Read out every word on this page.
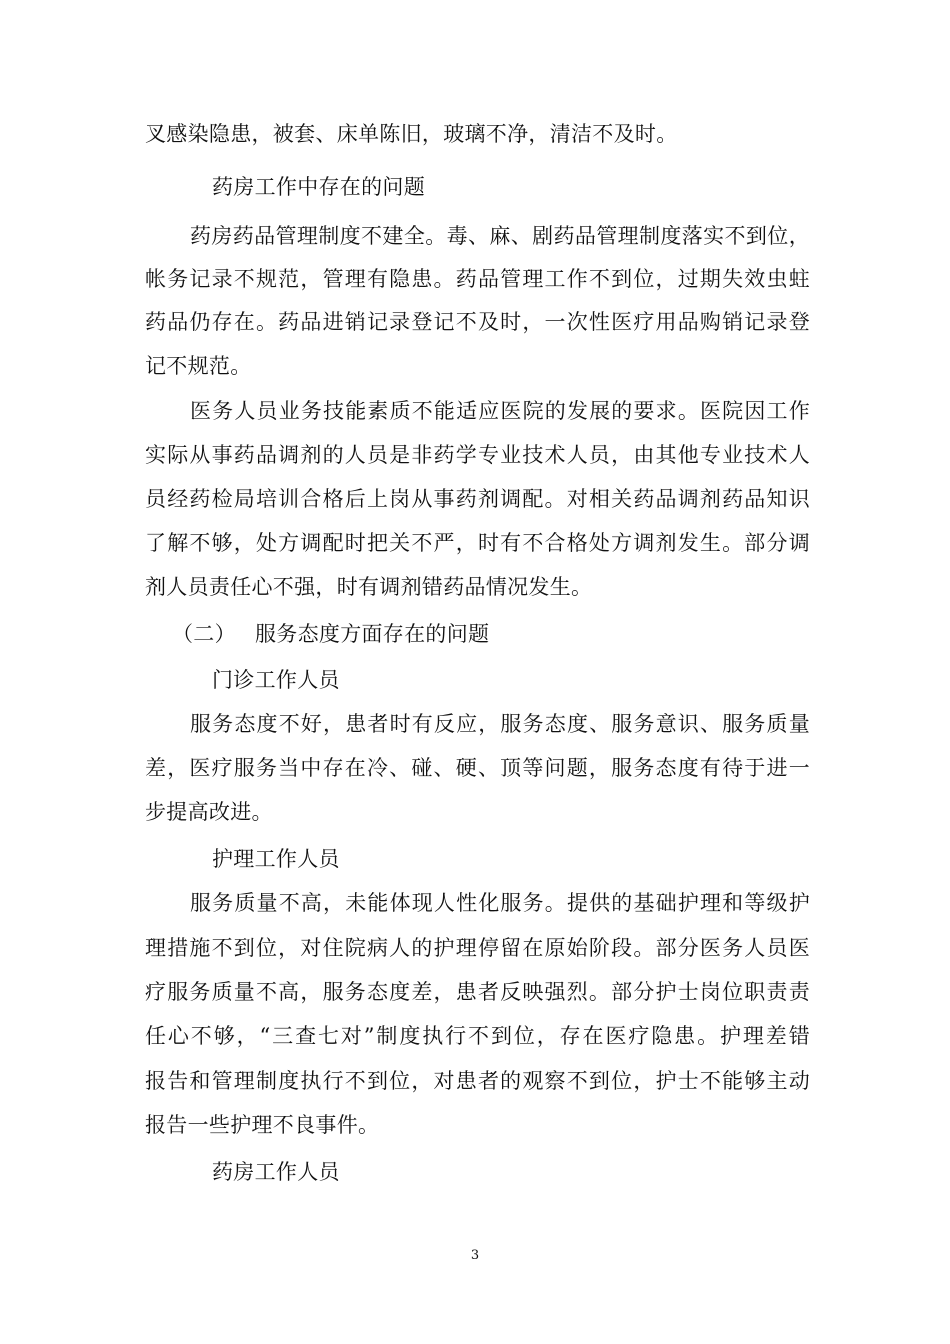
叉感染隐患，被套、床单陈旧，玻璃不净，清洁不及时。
药房工作中存在的问题
药房药品管理制度不建全。毒、麻、剧药品管理制度落实不到位，
帐务记录不规范，管理有隐患。药品管理工作不到位，过期失效虫蛀
药品仍存在。药品进销记录登记不及时，一次性医疗用品购销记录登
记不规范。
医务人员业务技能素质不能适应医院的发展的要求。医院因工作
实际从事药品调剂的人员是非药学专业技术人员，由其他专业技术人
员经药检局培训合格后上岗从事药剂调配。对相关药品调剂药品知识
了解不够，处方调配时把关不严，时有不合格处方调剂发生。部分调
剂人员责任心不强，时有调剂错药品情况发生。
（二） 服务态度方面存在的问题
门诊工作人员
服务态度不好，患者时有反应，服务态度、服务意识、服务质量
差，医疗服务当中存在冷、碰、硬、顶等问题，服务态度有待于进一
步提高改进。
护理工作人员
服务质量不高，未能体现人性化服务。提供的基础护理和等级护
理措施不到位，对住院病人的护理停留在原始阶段。部分医务人员医
疗服务质量不高，服务态度差，患者反映强烈。部分护士岗位职责责
任心不够，“三查七对”制度执行不到位，存在医疗隐患。护理差错
报告和管理制度执行不到位，对患者的观察不到位，护士不能够主动
报告一些护理不良事件。
药房工作人员
3
